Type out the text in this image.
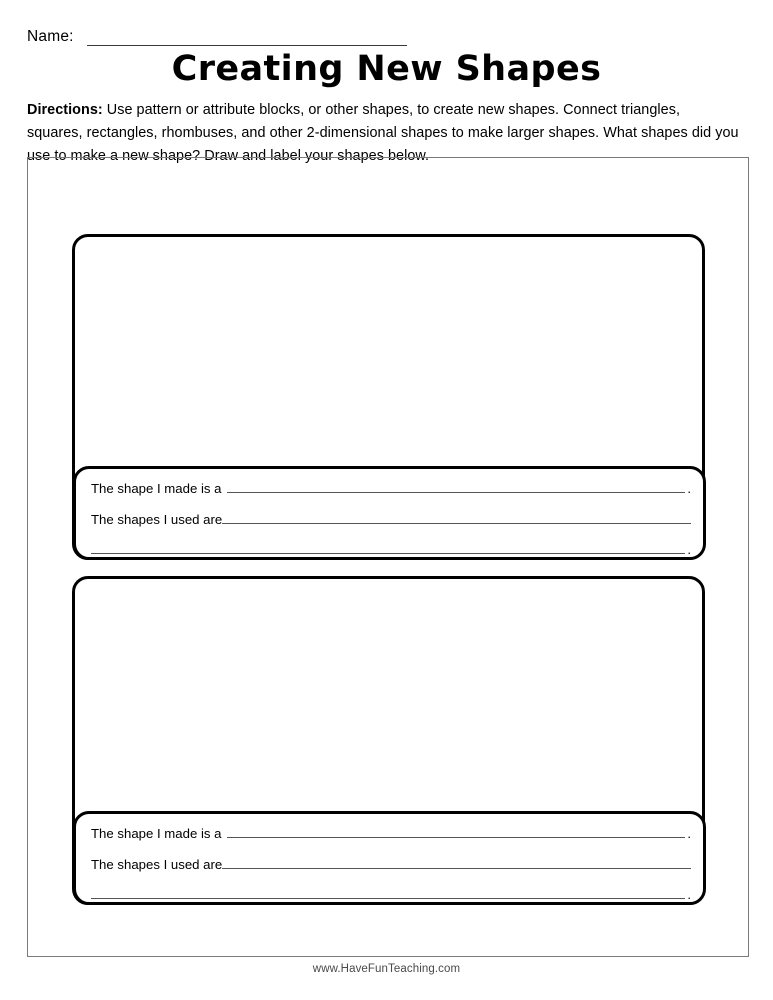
Name:
Creating New Shapes
Directions: Use pattern or attribute blocks, or other shapes, to create new shapes. Connect triangles, squares, rectangles, rhombuses, and other 2-dimensional shapes to make larger shapes. What shapes did you use to make a new shape? Draw and label your shapes below.
The shape I made is a	.
The shapes I used are
.
The shape I made is a	.
The shapes I used are
.
www.HaveFunTeaching.com
